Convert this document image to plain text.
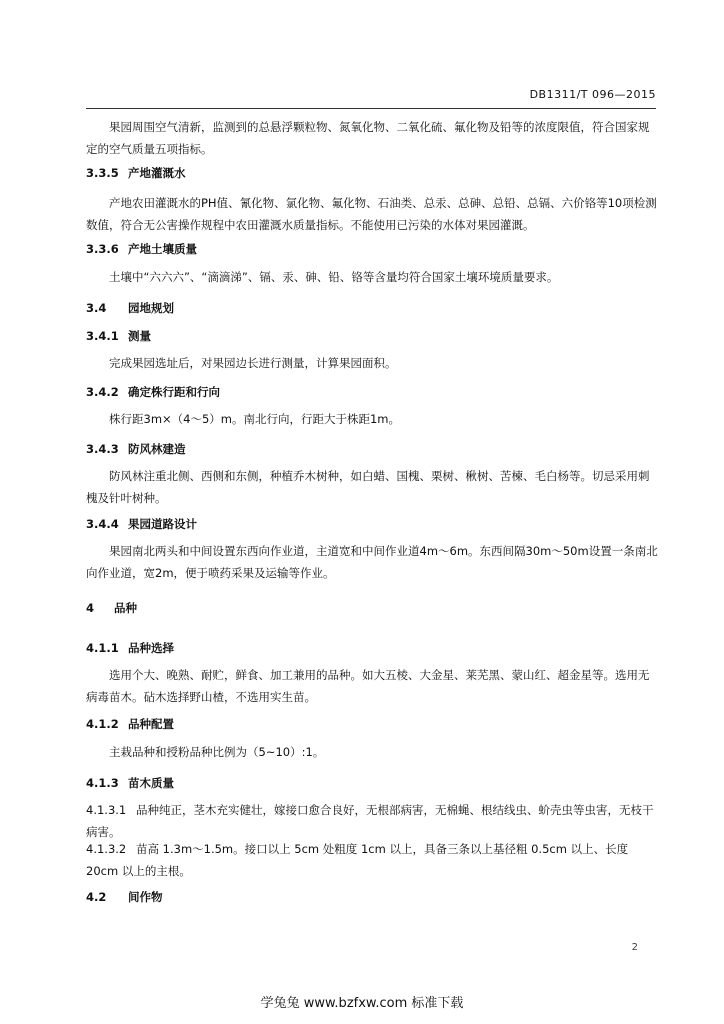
DB1311/T 096—2015
果园周围空气清新，监测到的总悬浮颗粒物、氮氧化物、二氧化硫、氟化物及铅等的浓度限值，符合国家规定的空气质量五项指标。
3.3.5 产地灌溉水
产地农田灌溉水的PH值、氰化物、氯化物、氟化物、石油类、总汞、总砷、总铅、总镉、六价铬等10项检测数值，符合无公害操作规程中农田灌溉水质量指标。不能使用已污染的水体对果园灌溉。
3.3.6 产地土壤质量
土壤中“六六六”、“滴滴涕”、镉、汞、砷、铅、铬等含量均符合国家土壤环境质量要求。
3.4 园地规划
3.4.1 测量
完成果园选址后，对果园边长进行测量，计算果园面积。
3.4.2 确定株行距和行向
株行距3m×（4～5）m。南北行向，行距大于株距1m。
3.4.3 防风林建造
防风林注重北侧、西侧和东侧，种植乔木树种，如白蜡、国槐、栗树、楸树、苦楝、毛白杨等。切忌采用刺槐及针叶树种。
3.4.4 果园道路设计
果园南北两头和中间设置东西向作业道，主道宽和中间作业道4m～6m。东西间隔30m～50m设置一条南北向作业道，宽2m，便于喷药采果及运输等作业。
4 品种
4.1.1 品种选择
选用个大、晚熟、耐贮，鲜食、加工兼用的品种。如大五棱、大金星、莱芜黑、蒙山红、超金星等。选用无病毒苗木。砧木选择野山楂，不选用实生苗。
4.1.2 品种配置
主栽品种和授粉品种比例为（5~10）:1。
4.1.3 苗木质量
4.1.3.1 品种纯正，茎木充实健壮，嫁接口愈合良好，无根部病害，无棉蝇、根结线虫、蚧壳虫等虫害，无枝干病害。
4.1.3.2 苗高 1.3m～1.5m。接口以上 5cm 处粗度 1cm 以上，具备三条以上基径粗 0.5cm 以上、长度 20cm 以上的主根。
4.2 间作物
2
学兔兔 www.bzfxw.com 标准下载
